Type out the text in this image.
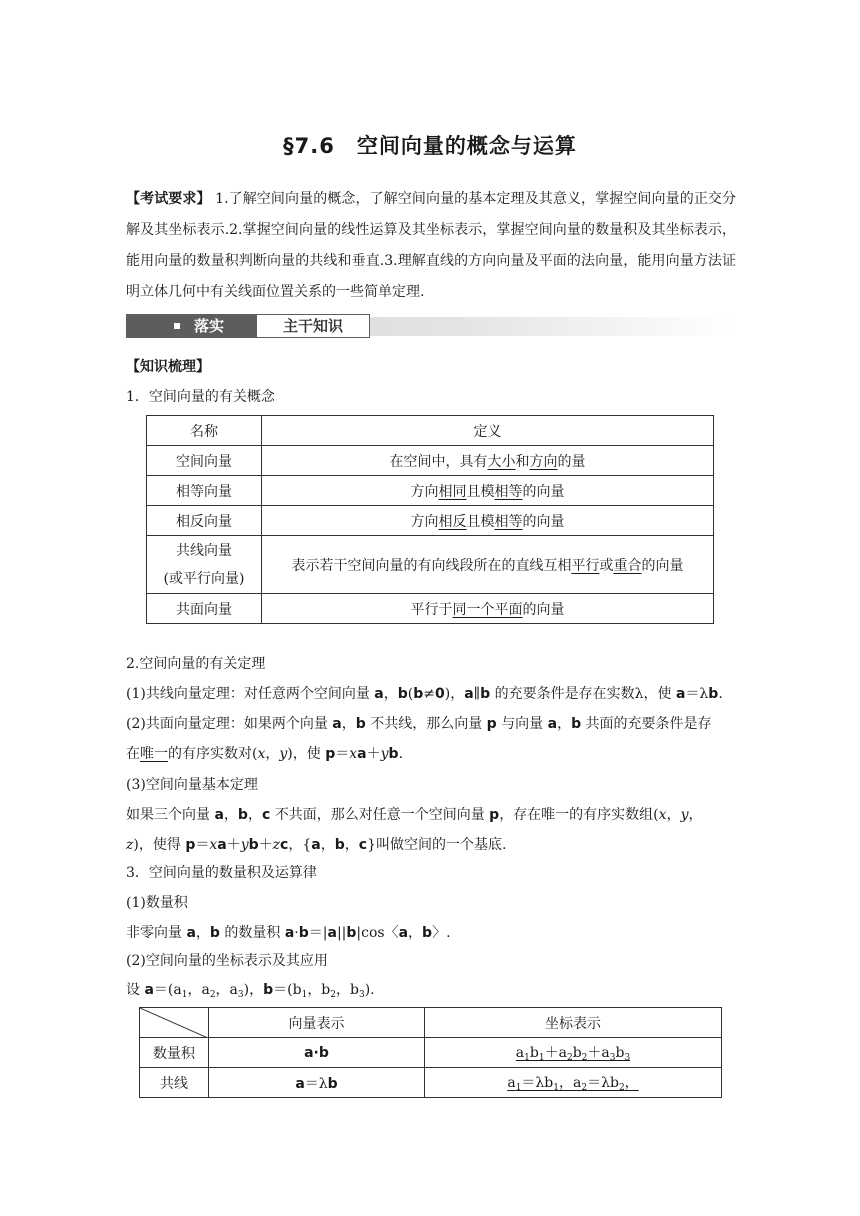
§7.6 空间向量的概念与运算
【考试要求】 1.了解空间向量的概念，了解空间向量的基本定理及其意义，掌握空间向量的正交分解及其坐标表示.2.掌握空间向量的线性运算及其坐标表示，掌握空间向量的数量积及其坐标表示，能用向量的数量积判断向量的共线和垂直.3.理解直线的方向向量及平面的法向量，能用向量方法证明立体几何中有关线面位置关系的一些简单定理.
落实	主干知识
【知识梳理】
1．空间向量的有关概念
名称	定义
空间向量	在空间中，具有大小和方向的量
相等向量	方向相同且模相等的向量
相反向量	方向相反且模相等的向量
共线向量
(或平行向量)	表示若干空间向量的有向线段所在的直线互相平行或重合的向量
共面向量	平行于同一个平面的向量
2.空间向量的有关定理
(1)共线向量定理：对任意两个空间向量 a，b(b≠0)，a∥b 的充要条件是存在实数λ，使 a＝λb.
(2)共面向量定理：如果两个向量 a，b 不共线，那么向量 p 与向量 a，b 共面的充要条件是存
在唯一的有序实数对(x，y)，使 p＝xa＋yb.
(3)空间向量基本定理
如果三个向量 a，b，c 不共面，那么对任意一个空间向量 p，存在唯一的有序实数组(x，y，
z)，使得 p＝xa＋yb＋zc，{a，b，c}叫做空间的一个基底.
3．空间向量的数量积及运算律
(1)数量积
非零向量 a，b 的数量积 a·b＝|a||b|cos〈a，b〉.
(2)空间向量的坐标表示及其应用
设 $a=(a_1$，$a_2$，$a_3$)，$b=(b_1$，$b_2$，$b_3$).
	向量表示	坐标表示
数量积	a·b	$a_1b_1+a_2b_2+a_3b_3$
共线	a＝λb	$a_1=\lambda b_1$，$a_2=\lambda b_2$，
